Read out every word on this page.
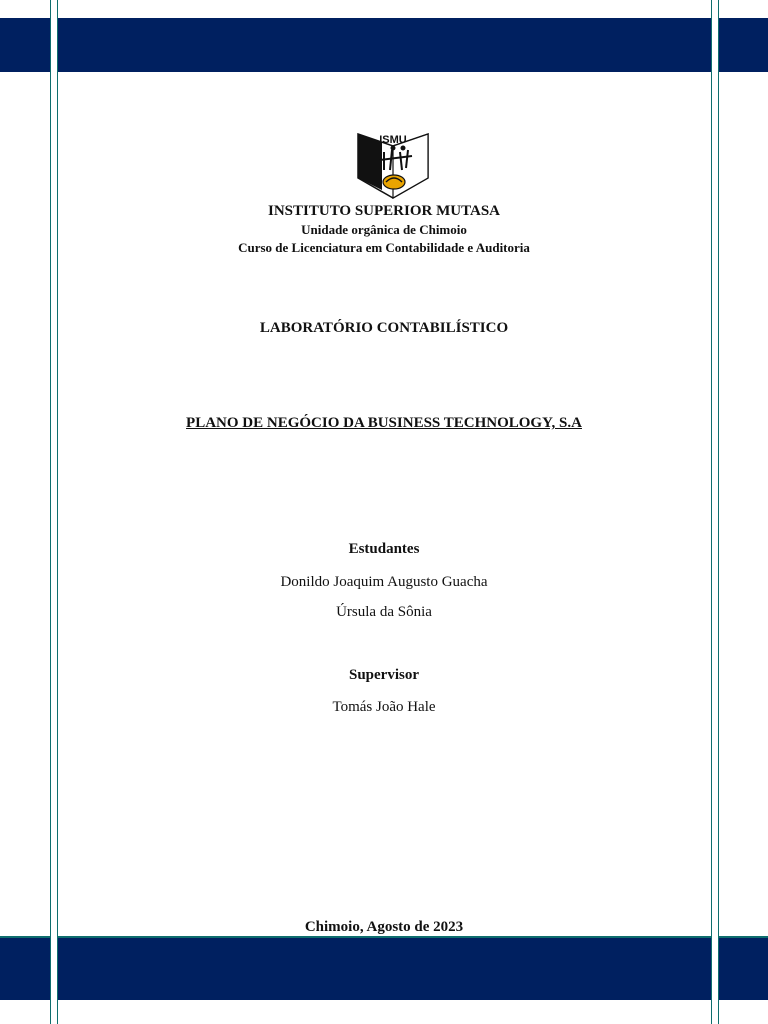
ISMU
INSTITUTO SUPERIOR MUTASA
Unidade orgânica de Chimoio
Curso de Licenciatura em Contabilidade e Auditoria
LABORATÓRIO CONTABILÍSTICO
PLANO DE NEGÓCIO DA BUSINESS TECHNOLOGY, S.A
Estudantes
Donildo Joaquim Augusto Guacha
Úrsula da Sônia
Supervisor
Tomás João Hale
Chimoio, Agosto de 2023
